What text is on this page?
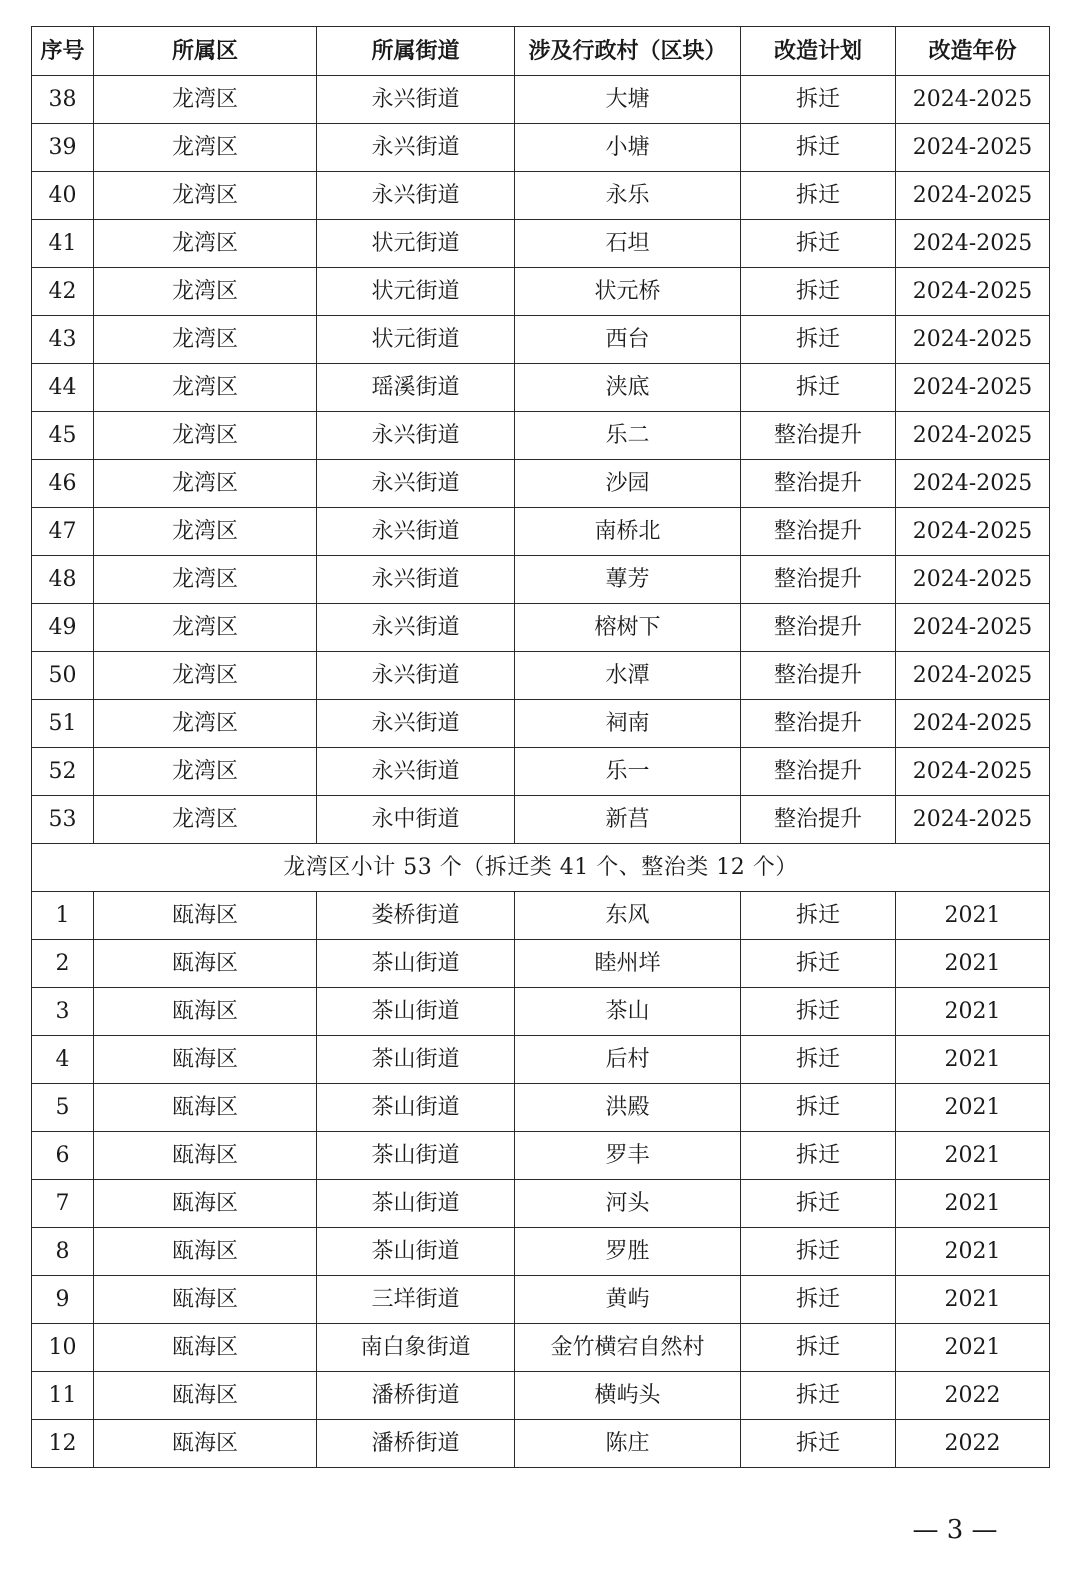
序号	所属区	所属街道	涉及行政村（区块）	改造计划	改造年份
38	龙湾区	永兴街道	大塘	拆迁	2024-2025
39	龙湾区	永兴街道	小塘	拆迁	2024-2025
40	龙湾区	永兴街道	永乐	拆迁	2024-2025
41	龙湾区	状元街道	石坦	拆迁	2024-2025
42	龙湾区	状元街道	状元桥	拆迁	2024-2025
43	龙湾区	状元街道	西台	拆迁	2024-2025
44	龙湾区	瑶溪街道	浃底	拆迁	2024-2025
45	龙湾区	永兴街道	乐二	整治提升	2024-2025
46	龙湾区	永兴街道	沙园	整治提升	2024-2025
47	龙湾区	永兴街道	南桥北	整治提升	2024-2025
48	龙湾区	永兴街道	蓴芳	整治提升	2024-2025
49	龙湾区	永兴街道	榕树下	整治提升	2024-2025
50	龙湾区	永兴街道	水潭	整治提升	2024-2025
51	龙湾区	永兴街道	祠南	整治提升	2024-2025
52	龙湾区	永兴街道	乐一	整治提升	2024-2025
53	龙湾区	永中街道	新莒	整治提升	2024-2025
龙湾区小计 53 个（拆迁类 41 个、整治类 12 个）					
1	瓯海区	娄桥街道	东风	拆迁	2021
2	瓯海区	茶山街道	睦州垟	拆迁	2021
3	瓯海区	茶山街道	茶山	拆迁	2021
4	瓯海区	茶山街道	后村	拆迁	2021
5	瓯海区	茶山街道	洪殿	拆迁	2021
6	瓯海区	茶山街道	罗丰	拆迁	2021
7	瓯海区	茶山街道	河头	拆迁	2021
8	瓯海区	茶山街道	罗胜	拆迁	2021
9	瓯海区	三垟街道	黄屿	拆迁	2021
10	瓯海区	南白象街道	金竹横宕自然村	拆迁	2021
11	瓯海区	潘桥街道	横屿头	拆迁	2022
12	瓯海区	潘桥街道	陈庄	拆迁	2022
— 3 —
